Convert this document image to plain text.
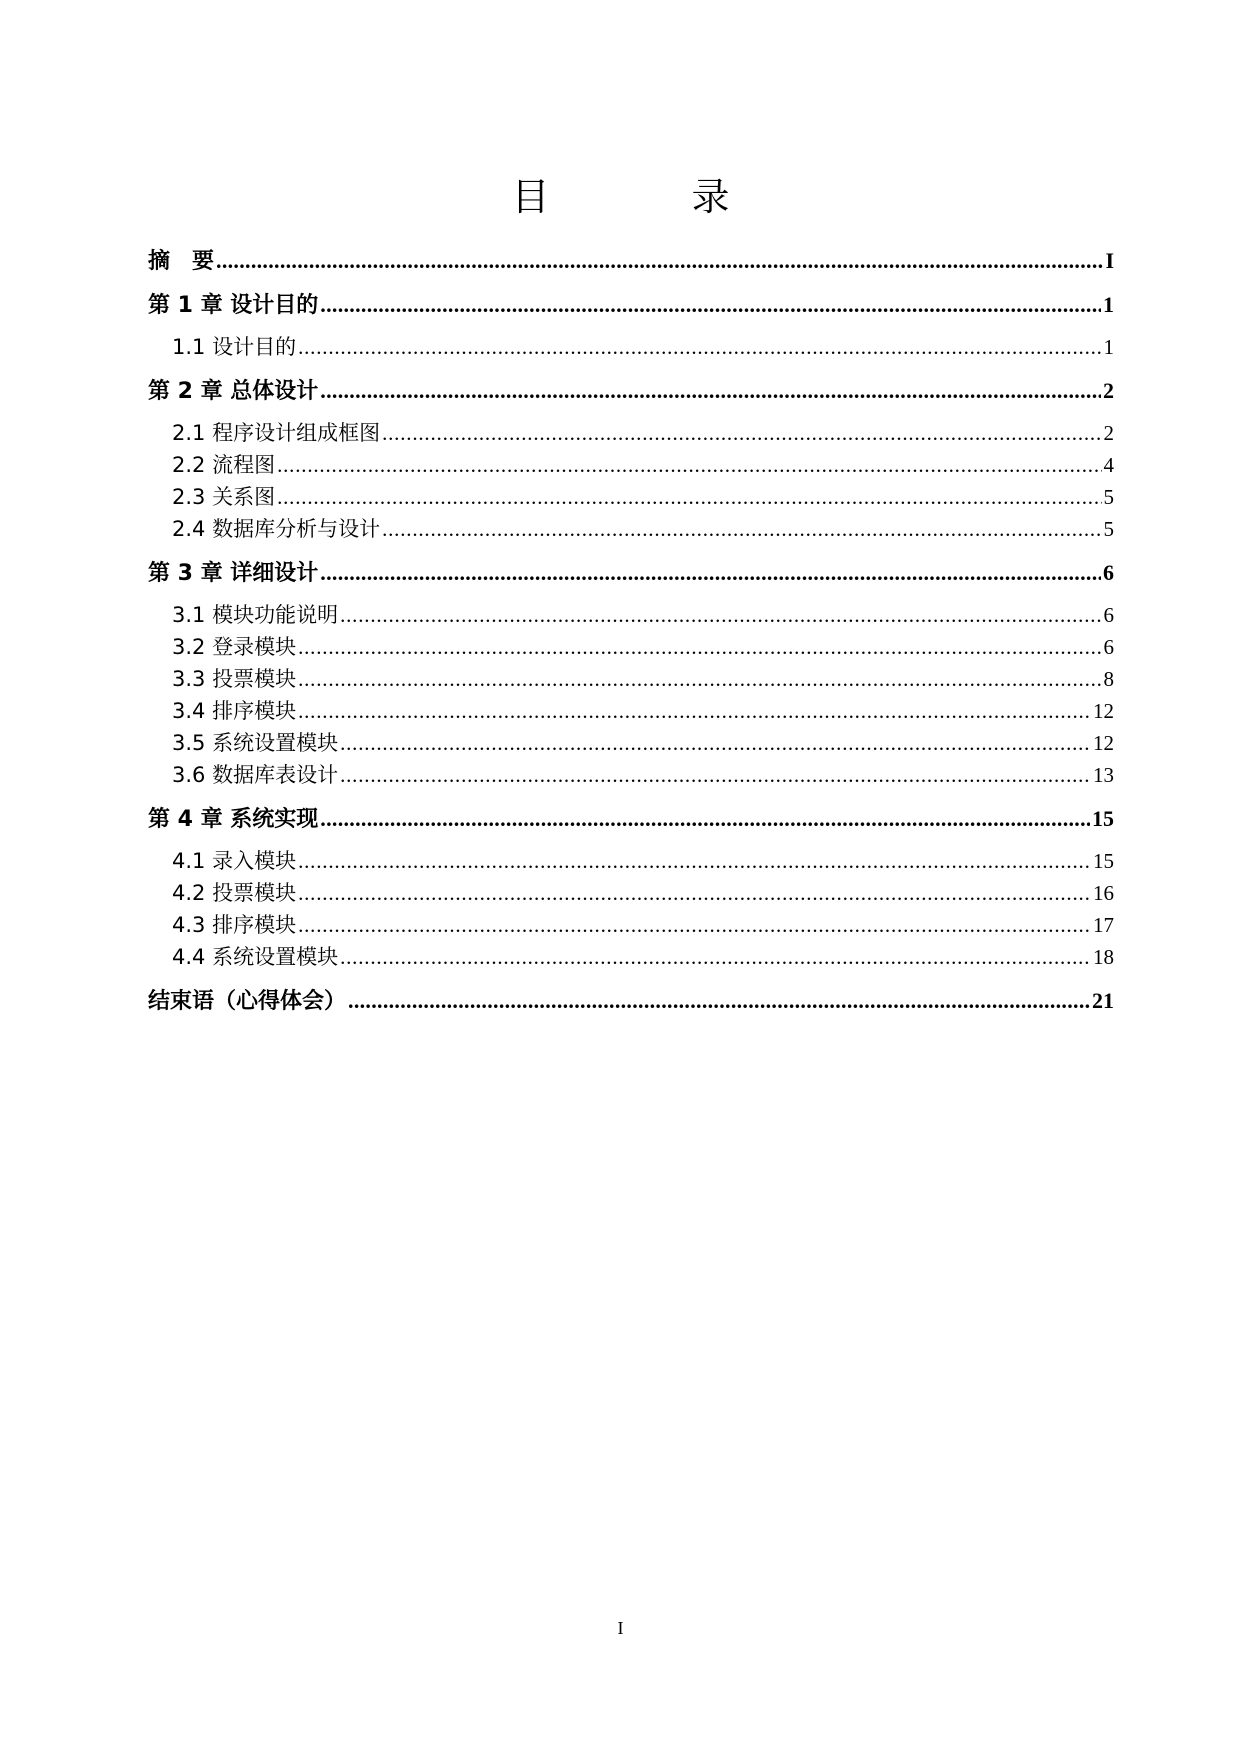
目　录
摘　要 .....	I
第 1 章 设计目的 .....	1
1.1 设计目的 .....	1
第 2 章 总体设计 .....	2
2.1 程序设计组成框图 .....	2
2.2 流程图 .....	4
2.3 关系图 .....	5
2.4 数据库分析与设计 .....	5
第 3 章 详细设计 .....	6
3.1 模块功能说明 .....	6
3.2 登录模块 .....	6
3.3 投票模块 .....	8
3.4 排序模块 .....	12
3.5 系统设置模块 .....	12
3.6 数据库表设计 .....	13
第 4 章 系统实现 .....	15
4.1 录入模块 .....	15
4.2 投票模块 .....	16
4.3 排序模块 .....	17
4.4 系统设置模块 .....	18
结束语（心得体会） .....	21
I
